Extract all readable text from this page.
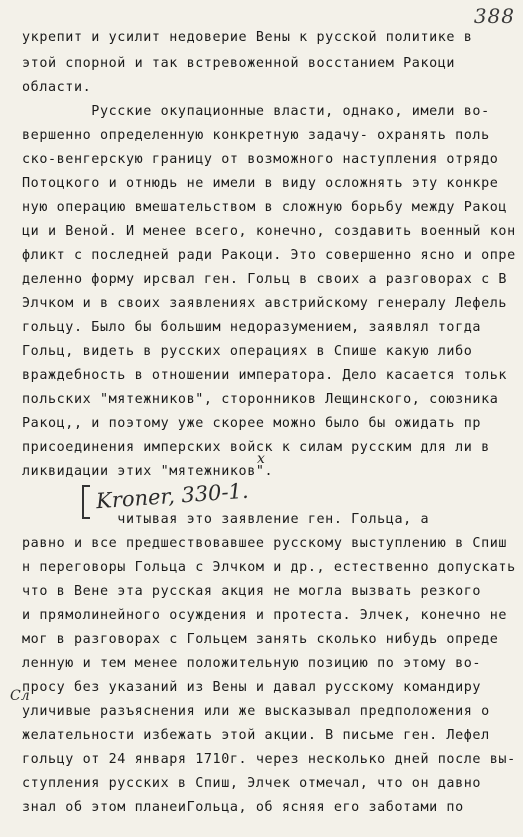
388
укрепит и усилит недоверие Вены к русской политике в
этой спорной и так встревоженной восстанием Ракоци
области.
Русские окупационные власти, однако, имели во-
вершенно определенную конкретную задачу- охранять поль
ско-венгерскую границу от возможного наступления отрядо
Потоцкого и отнюдь не имели в виду осложнять эту конкре
ную операцию вмешательством в сложную борьбу между Ракоц
ци и Веной. И менее всего, конечно, создавить военный кон
фликт с последней ради Ракоци. Это совершенно ясно и опре
деленно форму ирсвал ген. Гольц в своих а разговорах с В
Элчком и в своих заявлениях австрийскому генералу Лефель
гольцу. Было бы большим недоразумением, заявлял тогда
Гольц, видеть в русских операциях в Спише какую либо
враждебность в отношении императора. Дело касается тольк
польских "мятежников", сторонников Лещинского, союзника
Ракоц,, и поэтому уже скорее можно было бы ожидать пр
присоединения имперских войск к силам русским для ли в
ликвидации этих "мятежников".
читывая это заявление ген. Гольца, а
равно и все предшествовавшее русскому выступлению в Спиш
н переговоры Гольца с Элчком и др., естественно допускать
что в Вене эта русская акция не могла вызвать резкого
и прямолинейного осуждения и протеста. Элчек, конечно не
мог в разговорах с Гольцем занять сколько нибудь опреде
ленную и тем менее положительную позицию по этому во-
просу без указаний из Вены и давал русскому командиру
уличивые разъяснения или же высказывал предположения о
желательности избежать этой акции. В письме ген. Лефел
гольцу от 24 января 1710г. через несколько дней после вы-
ступления русских в Спиш, Элчек отмечал, что он давно
знал об этом планеиГольца, об ясняя его заботами по
Kroner, 330-1.
х
Сл
